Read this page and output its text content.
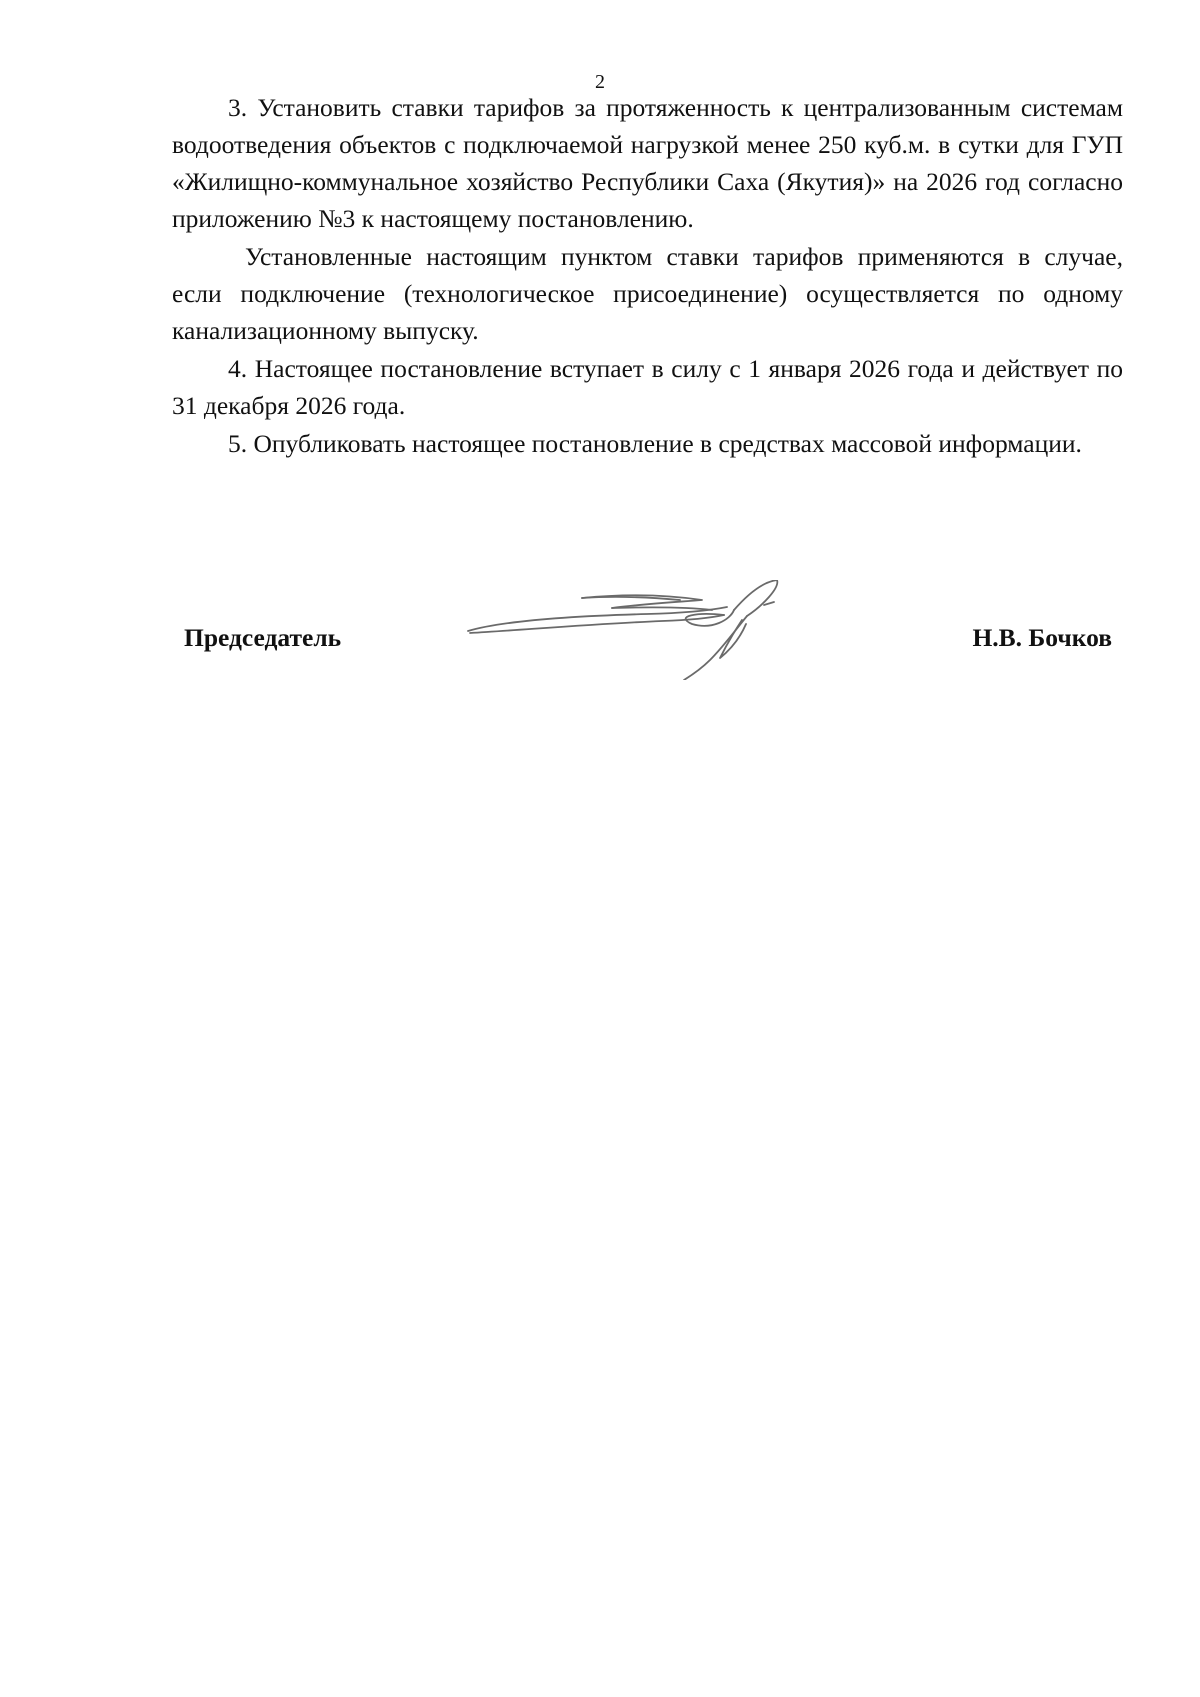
2

3. Установить ставки тарифов за протяженность к централизованным системам водоотведения объектов с подключаемой нагрузкой менее 250 куб.м. в сутки для ГУП «Жилищно-коммунальное хозяйство Республики Саха (Якутия)» на 2026 год согласно приложению №3 к настоящему постановлению.

Установленные настоящим пунктом ставки тарифов применяются в случае, если подключение (технологическое присоединение) осуществляется по одному канализационному выпуску.

4. Настоящее постановление вступает в силу с 1 января 2026 года и действует по 31 декабря 2026 года.

5. Опубликовать настоящее постановление в средствах массовой информации.

Председатель	Н.В. Бочков
